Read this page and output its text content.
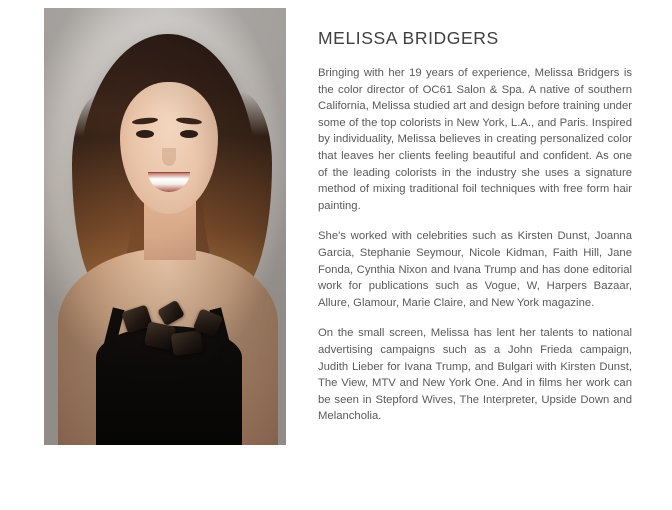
MELISSA BRIDGERS

Bringing with her 19 years of experience, Melissa Bridgers is the color director of OC61 Salon & Spa. A native of southern California, Melissa studied art and design before training under some of the top colorists in New York, L.A., and Paris. Inspired by individuality, Melissa believes in creating personalized color that leaves her clients feeling beautiful and confident. As one of the leading colorists in the industry she uses a signature method of mixing traditional foil techniques with free form hair painting.

She's worked with celebrities such as Kirsten Dunst, Joanna Garcia, Stephanie Seymour, Nicole Kidman, Faith Hill, Jane Fonda, Cynthia Nixon and Ivana Trump and has done editorial work for publications such as Vogue, W, Harpers Bazaar, Allure, Glamour, Marie Claire, and New York magazine.

On the small screen, Melissa has lent her talents to national advertising campaigns such as a John Frieda campaign, Judith Lieber for Ivana Trump, and Bulgari with Kirsten Dunst, The View, MTV and New York One. And in films her work can be seen in Stepford Wives, The Interpreter, Upside Down and Melancholia.
